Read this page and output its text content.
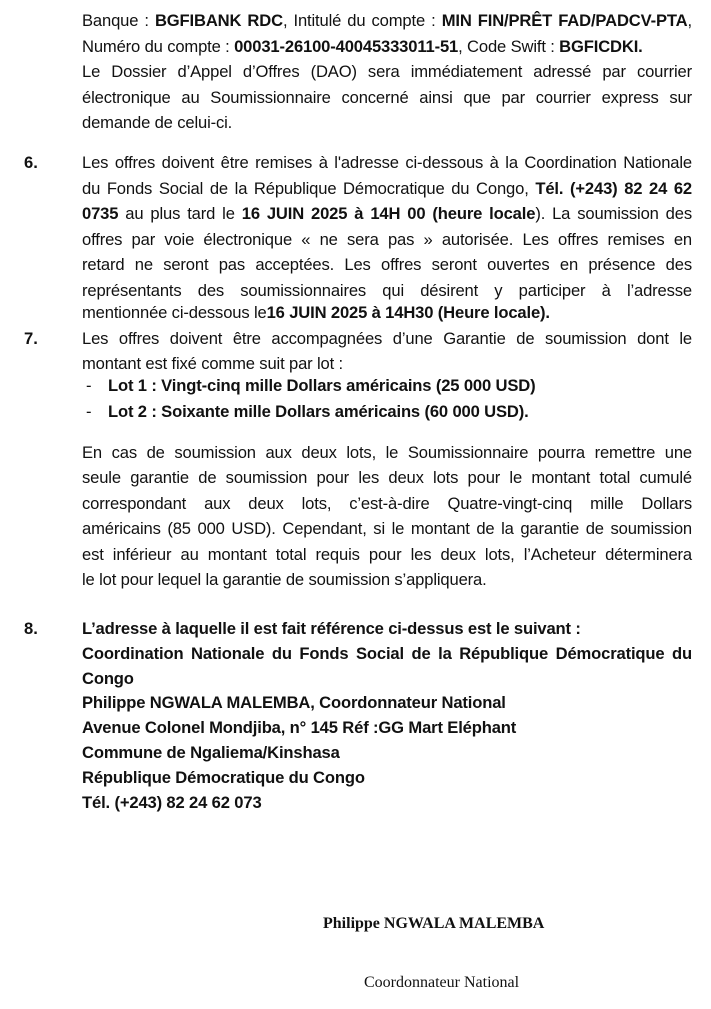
Banque : BGFIBANK RDC, Intitulé du compte : MIN FIN/PRÊT FAD/PADCV-PTA,
Numéro du compte : 00031-26100-40045333011-51, Code Swift : BGFICDKI.
Le Dossier d’Appel d’Offres (DAO) sera immédiatement adressé par courrier
électronique au Soumissionnaire concerné ainsi que par courrier express sur
demande de celui-ci.
6.	Les offres doivent être remises à l'adresse ci-dessous à la Coordination Nationale
du Fonds Social de la République Démocratique du Congo, Tél. (+243) 82 24 62
0735 au plus tard le 16 JUIN 2025 à 14H 00 (heure locale). La soumission des
offres par voie électronique « ne sera pas » autorisée. Les offres remises en
retard ne seront pas acceptées. Les offres seront ouvertes en présence des
représentants des soumissionnaires qui désirent y participer à l’adresse
mentionnée ci-dessous le16 JUIN 2025 à 14H30 (Heure locale).
7.	Les offres doivent être accompagnées d’une Garantie de soumission dont le
montant est fixé comme suit par lot :
- Lot 1 : Vingt-cinq mille Dollars américains (25 000 USD)
- Lot 2 : Soixante mille Dollars américains (60 000 USD).
En cas de soumission aux deux lots, le Soumissionnaire pourra remettre une
seule garantie de soumission pour les deux lots pour le montant total cumulé
correspondant aux deux lots, c’est-à-dire Quatre-vingt-cinq mille Dollars
américains (85 000 USD). Cependant, si le montant de la garantie de soumission
est inférieur au montant total requis pour les deux lots, l’Acheteur déterminera
le lot pour lequel la garantie de soumission s’appliquera.
8.	L’adresse à laquelle il est fait référence ci-dessus est le suivant :
Coordination Nationale du Fonds Social de la République Démocratique du
Congo
Philippe NGWALA MALEMBA, Coordonnateur National
Avenue Colonel Mondjiba, n° 145 Réf :GG Mart Eléphant
Commune de Ngaliema/Kinshasa
République Démocratique du Congo
Tél. (+243) 82 24 62 073
Philippe NGWALA MALEMBA
Coordonnateur National
